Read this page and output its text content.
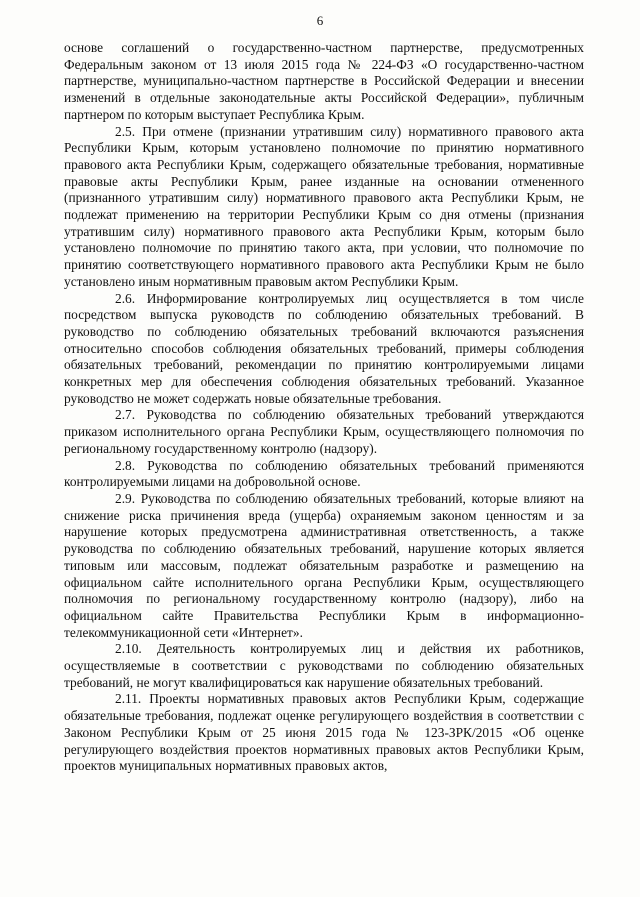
6

основе соглашений о государственно-частном партнерстве, предусмотренных Федеральным законом от 13 июля 2015 года № 224-ФЗ «О государственно-частном партнерстве, муниципально-частном партнерстве в Российской Федерации и внесении изменений в отдельные законодательные акты Российской Федерации», публичным партнером по которым выступает Республика Крым.

2.5. При отмене (признании утратившим силу) нормативного правового акта Республики Крым, которым установлено полномочие по принятию нормативного правового акта Республики Крым, содержащего обязательные требования, нормативные правовые акты Республики Крым, ранее изданные на основании отмененного (признанного утратившим силу) нормативного правового акта Республики Крым, не подлежат применению на территории Республики Крым со дня отмены (признания утратившим силу) нормативного правового акта Республики Крым, которым было установлено полномочие по принятию такого акта, при условии, что полномочие по принятию соответствующего нормативного правового акта Республики Крым не было установлено иным нормативным правовым актом Республики Крым.

2.6. Информирование контролируемых лиц осуществляется в том числе посредством выпуска руководств по соблюдению обязательных требований. В руководство по соблюдению обязательных требований включаются разъяснения относительно способов соблюдения обязательных требований, примеры соблюдения обязательных требований, рекомендации по принятию контролируемыми лицами конкретных мер для обеспечения соблюдения обязательных требований. Указанное руководство не может содержать новые обязательные требования.

2.7. Руководства по соблюдению обязательных требований утверждаются приказом исполнительного органа Республики Крым, осуществляющего полномочия по региональному государственному контролю (надзору).

2.8. Руководства по соблюдению обязательных требований применяются контролируемыми лицами на добровольной основе.

2.9. Руководства по соблюдению обязательных требований, которые влияют на снижение риска причинения вреда (ущерба) охраняемым законом ценностям и за нарушение которых предусмотрена административная ответственность, а также руководства по соблюдению обязательных требований, нарушение которых является типовым или массовым, подлежат обязательным разработке и размещению на официальном сайте исполнительного органа Республики Крым, осуществляющего полномочия по региональному государственному контролю (надзору), либо на официальном сайте Правительства Республики Крым в информационно-телекоммуникационной сети «Интернет».

2.10. Деятельность контролируемых лиц и действия их работников, осуществляемые в соответствии с руководствами по соблюдению обязательных требований, не могут квалифицироваться как нарушение обязательных требований.

2.11. Проекты нормативных правовых актов Республики Крым, содержащие обязательные требования, подлежат оценке регулирующего воздействия в соответствии с Законом Республики Крым от 25 июня 2015 года № 123-ЗРК/2015 «Об оценке регулирующего воздействия проектов нормативных правовых актов Республики Крым, проектов муниципальных нормативных правовых актов,
